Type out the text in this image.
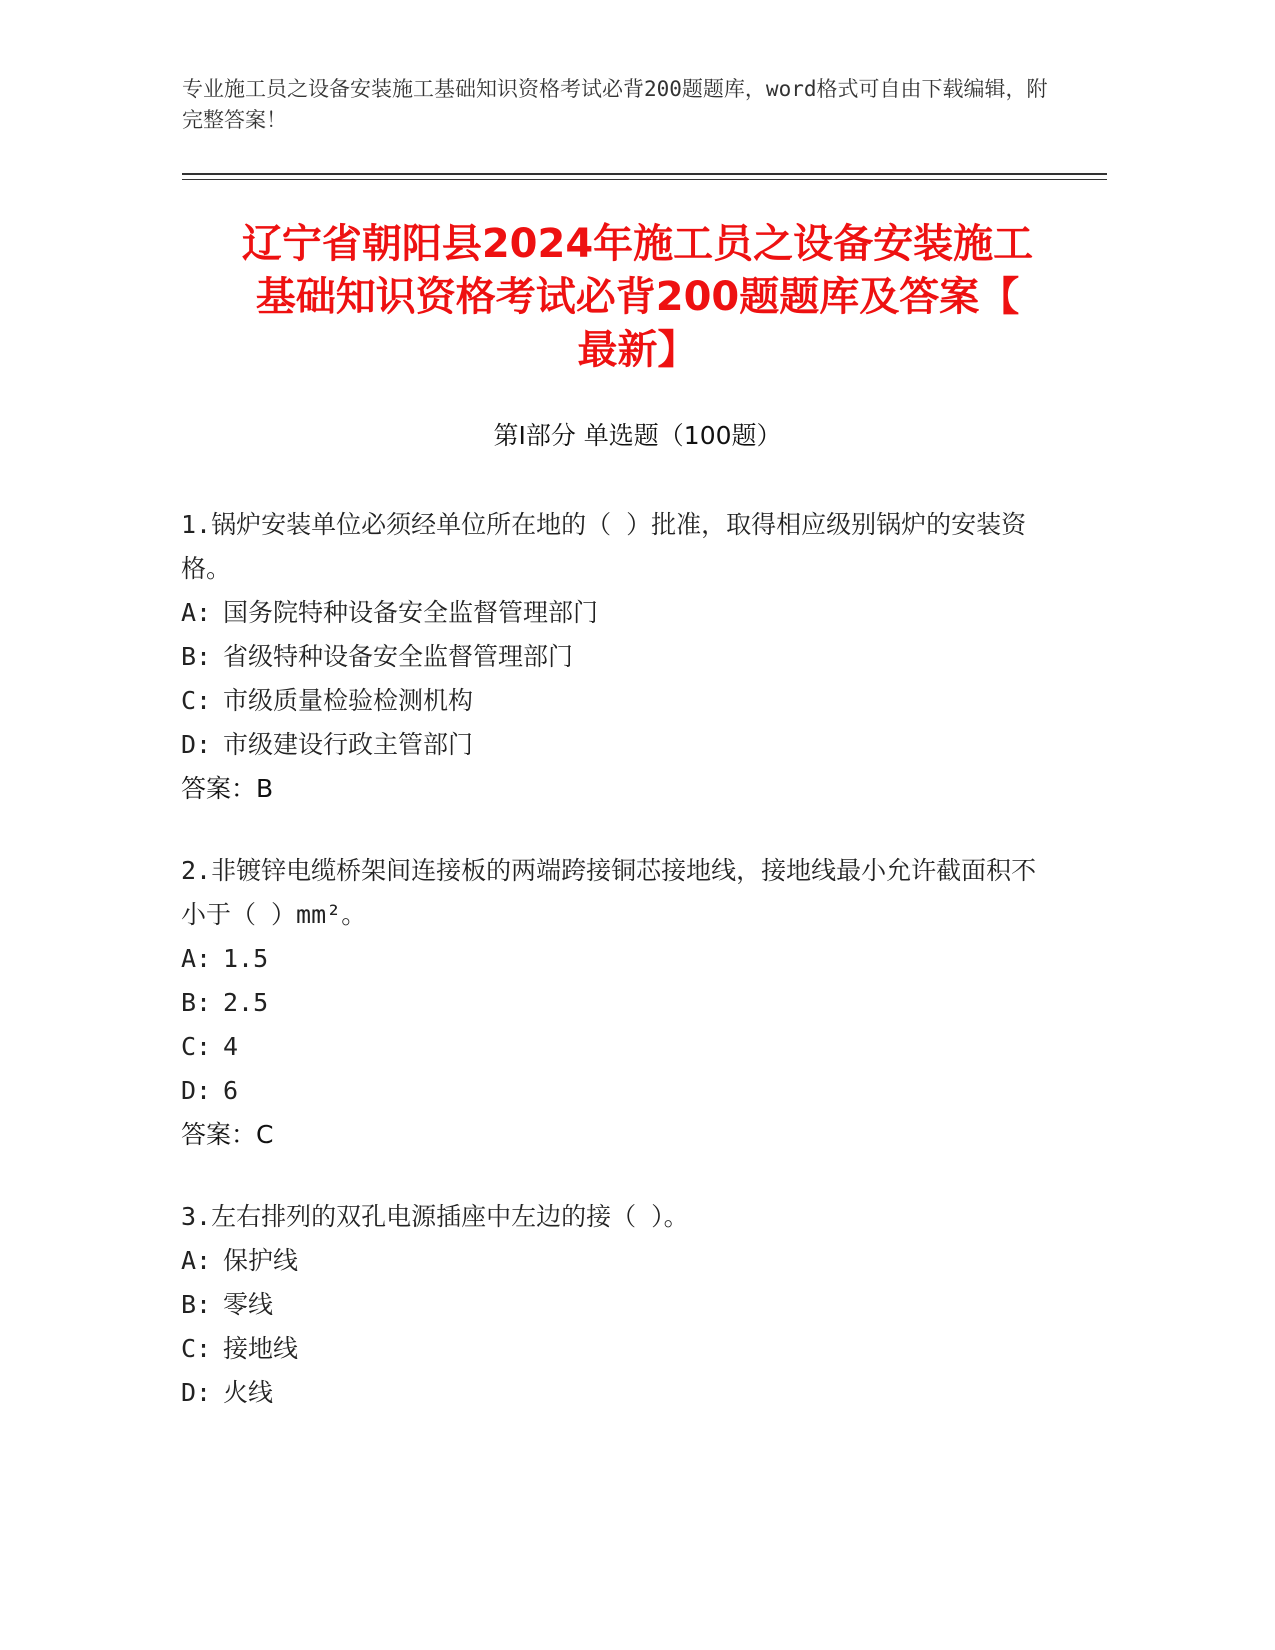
专业施工员之设备安装施工基础知识资格考试必背200题题库，word格式可自由下载编辑，附完整答案！
辽宁省朝阳县2024年施工员之设备安装施工
基础知识资格考试必背200题题库及答案【
最新】
第Ⅰ部分 单选题（100题）

1.锅炉安装单位必须经单位所在地的（ ）批准，取得相应级别锅炉的安装资格。

A: 国务院特种设备安全监督管理部门
B: 省级特种设备安全监督管理部门
C: 市级质量检验检测机构
D: 市级建设行政主管部门
答案：B

2.非镀锌电缆桥架间连接板的两端跨接铜芯接地线，接地线最小允许截面积不小于（ ）mm²。

A: 1.5
B: 2.5
C: 4
D: 6
答案：C

3.左右排列的双孔电源插座中左边的接（ ）。

A: 保护线
B: 零线
C: 接地线
D: 火线
